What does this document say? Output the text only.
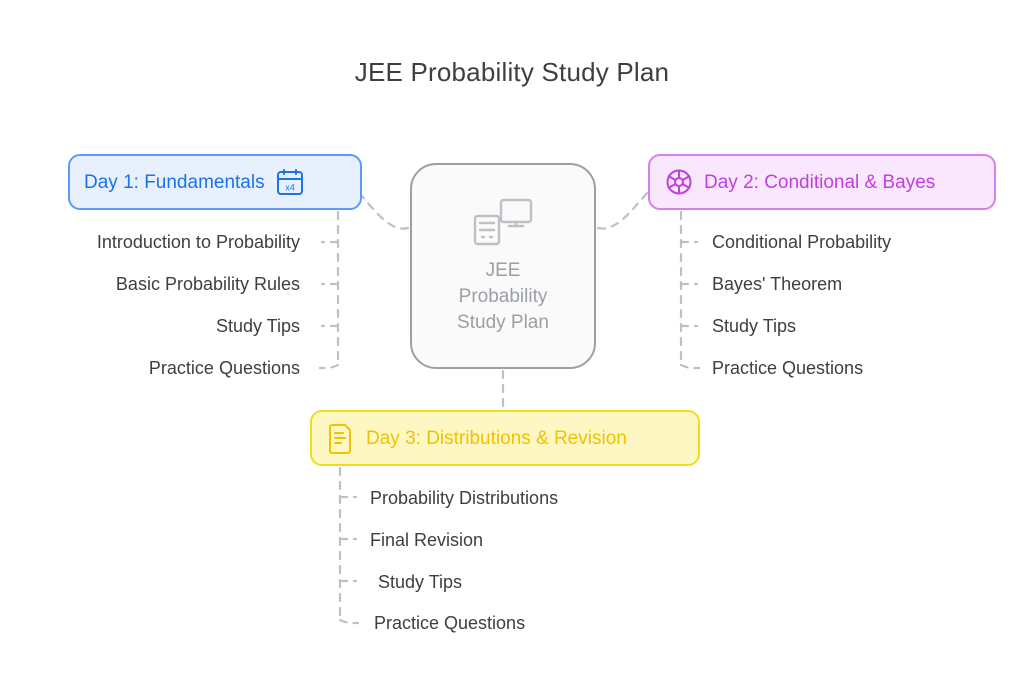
JEE Probability Study Plan
JEE
Probability
Study Plan
Day 1: Fundamentals x4	Day 2: Conditional & Bayes
Day 3: Distributions & Revision
Introduction to Probability
Basic Probability Rules
Study Tips
Practice Questions
Conditional Probability
Bayes' Theorem
Study Tips
Practice Questions
Probability Distributions
Final Revision
Study Tips
Practice Questions
